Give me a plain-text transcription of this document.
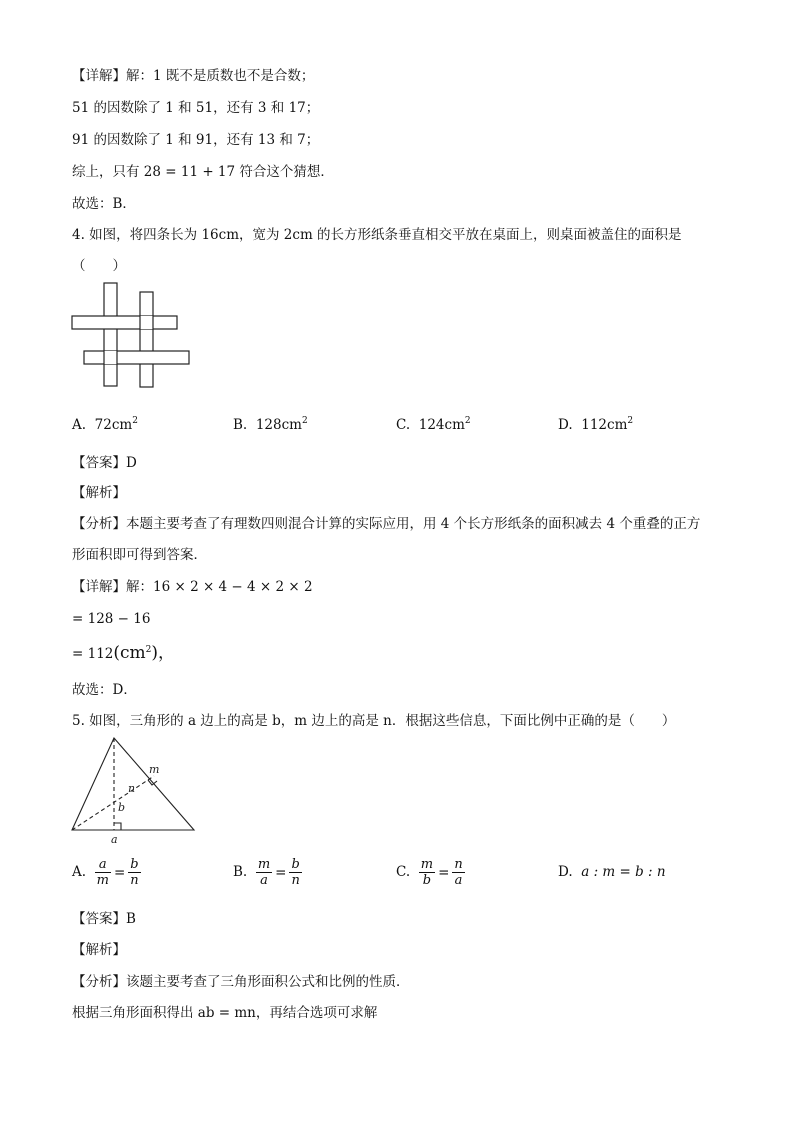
【详解】解：1 既不是质数也不是合数；
51 的因数除了 1 和 51，还有 3 和 17；
91 的因数除了 1 和 91，还有 13 和 7；
综上，只有 28 = 11 + 17 符合这个猜想．
故选：B．
4. 如图，将四条长为 16cm，宽为 2cm 的长方形纸条垂直相交平放在桌面上，则桌面被盖住的面积是
（　　）
A. $72cm^2$	B. $128cm^2$	C. $124cm^2$	D. $112cm^2$
【答案】D
【解析】
【分析】本题主要考查了有理数四则混合计算的实际应用，用 4 个长方形纸条的面积减去 4 个重叠的正方
形面积即可得到答案．
【详解】解：16 × 2 × 4 − 4 × 2 × 2
= 128 − 16
= $112(cm^2)$，
故选：D．
5. 如图，三角形的 a 边上的高是 b，m 边上的高是 n．根据这些信息，下面比例中正确的是（　　）
m
n
b
a
A. $\frac{a}{m} = \frac{b}{n}$	B. $\frac{m}{a} = \frac{b}{n}$	C. $\frac{m}{b} = \frac{n}{a}$	D. a : m = b : n
【答案】B
【解析】
【分析】该题主要考查了三角形面积公式和比例的性质．
根据三角形面积得出 ab = mn，再结合选项可求解
